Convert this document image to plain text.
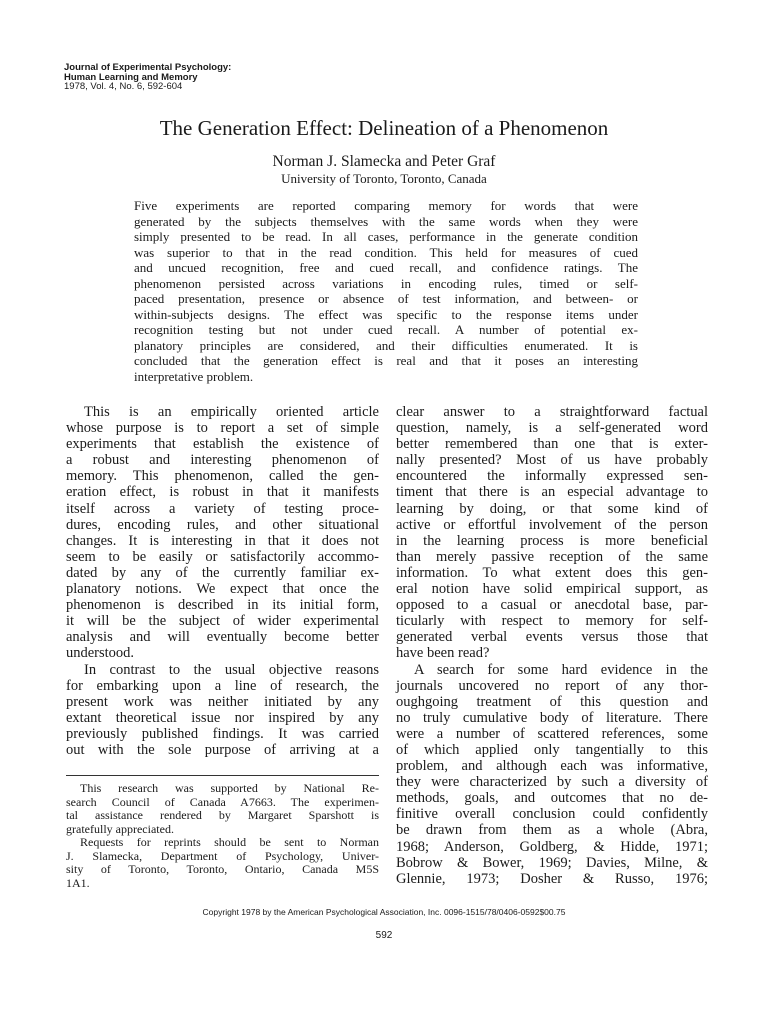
Journal of Experimental Psychology:
Human Learning and Memory
1978, Vol. 4, No. 6, 592-604
The Generation Effect: Delineation of a Phenomenon
Norman J. Slamecka and Peter Graf
University of Toronto, Toronto, Canada
Five experiments are reported comparing memory for words that were
generated by the subjects themselves with the same words when they were
simply presented to be read. In all cases, performance in the generate condition
was superior to that in the read condition. This held for measures of cued
and uncued recognition, free and cued recall, and confidence ratings. The
phenomenon persisted across variations in encoding rules, timed or self-
paced presentation, presence or absence of test information, and between- or
within-subjects designs. The effect was specific to the response items under
recognition testing but not under cued recall. A number of potential ex-
planatory principles are considered, and their difficulties enumerated. It is
concluded that the generation effect is real and that it poses an interesting
interpretative problem.
This is an empirically oriented article
whose purpose is to report a set of simple
experiments that establish the existence of
a robust and interesting phenomenon of
memory. This phenomenon, called the gen-
eration effect, is robust in that it manifests
itself across a variety of testing proce-
dures, encoding rules, and other situational
changes. It is interesting in that it does not
seem to be easily or satisfactorily accommo-
dated by any of the currently familiar ex-
planatory notions. We expect that once the
phenomenon is described in its initial form,
it will be the subject of wider experimental
analysis and will eventually become better
understood.
In contrast to the usual objective reasons
for embarking upon a line of research, the
present work was neither initiated by any
extant theoretical issue nor inspired by any
previously published findings. It was carried
out with the sole purpose of arriving at a
This research was supported by National Re-
search Council of Canada A7663. The experimen-
tal assistance rendered by Margaret Sparshott is
gratefully appreciated.
Requests for reprints should be sent to Norman
J. Slamecka, Department of Psychology, Univer-
sity of Toronto, Toronto, Ontario, Canada M5S
1A1.
clear answer to a straightforward factual
question, namely, is a self-generated word
better remembered than one that is exter-
nally presented? Most of us have probably
encountered the informally expressed sen-
timent that there is an especial advantage to
learning by doing, or that some kind of
active or effortful involvement of the person
in the learning process is more beneficial
than merely passive reception of the same
information. To what extent does this gen-
eral notion have solid empirical support, as
opposed to a casual or anecdotal base, par-
ticularly with respect to memory for self-
generated verbal events versus those that
have been read?
A search for some hard evidence in the
journals uncovered no report of any thor-
oughgoing treatment of this question and
no truly cumulative body of literature. There
were a number of scattered references, some
of which applied only tangentially to this
problem, and although each was informative,
they were characterized by such a diversity of
methods, goals, and outcomes that no de-
finitive overall conclusion could confidently
be drawn from them as a whole (Abra,
1968; Anderson, Goldberg, & Hidde, 1971;
Bobrow & Bower, 1969; Davies, Milne, &
Glennie, 1973; Dosher & Russo, 1976;
Copyright 1978 by the American Psychological Association, Inc. 0096-1515/78/0406-0592$00.75
592
